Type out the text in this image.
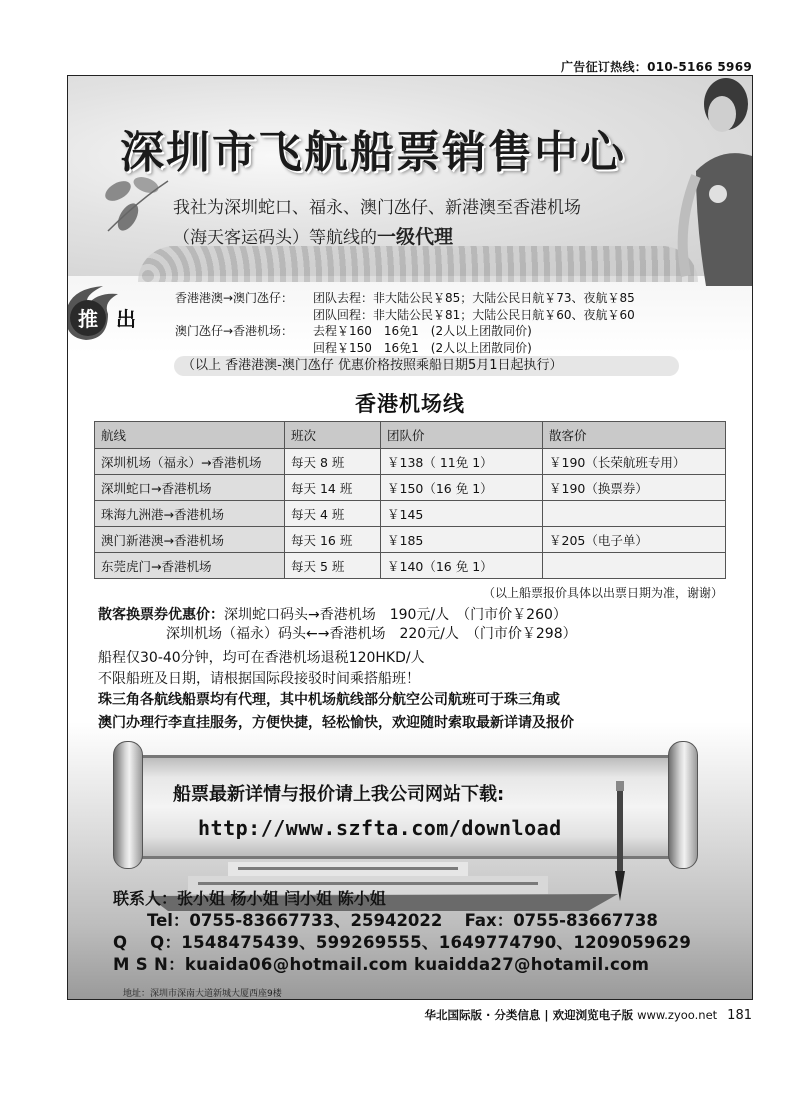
广告征订热线：010-5166 5969
深圳市飞航船票销售中心
我社为深圳蛇口、福永、澳门氹仔、新港澳至香港机场
（海天客运码头）等航线的一级代理
推 出
香港港澳→澳门氹仔：	团队去程：非大陆公民￥85；大陆公民日航￥73、夜航￥85
团队回程：非大陆公民￥81；大陆公民日航￥60、夜航￥60
澳门氹仔→香港机场：	去程￥160　16免1　(2人以上团散同价)
回程￥150　16免1　(2人以上团散同价)
（以上 香港港澳-澳门氹仔 优惠价格按照乘船日期5月1日起执行）
香港机场线
航线	班次	团队价	散客价
深圳机场（福永）→香港机场	每天 8 班	￥138（ 11免 1）	￥190（长荣航班专用）
深圳蛇口→香港机场	每天 14 班	￥150（16 免 1）	￥190（换票券）
珠海九洲港→香港机场	每天 4 班	￥145	
澳门新港澳→香港机场	每天 16 班	￥185	￥205（电子单）
东莞虎门→香港机场	每天 5 班	￥140（16 免 1）	
（以上船票报价具体以出票日期为准，谢谢）
散客换票券优惠价：深圳蛇口码头→香港机场　190元/人　（门市价￥260）
深圳机场（福永）码头←→香港机场　220元/人　（门市价￥298）
船程仅30-40分钟，均可在香港机场退税120HKD/人
不限船班及日期，请根据国际段接驳时间乘搭船班！
珠三角各航线船票均有代理，其中机场航线部分航空公司航班可于珠三角或
澳门办理行李直挂服务，方便快捷，轻松愉快，欢迎随时索取最新详请及报价
船票最新详情与报价请上我公司网站下载:
http://www.szfta.com/download
联系人：张小姐 杨小姐 闫小姐 陈小姐
Tel：0755-83667733、25942022　 Fax：0755-83667738
Q　 Q：1548475439、599269555、1649774790、1209059629
M S N：kuaida06@hotmail.com kuaidda27@hotamil.com
地址：深圳市深南大道新城大厦西座9楼
华北国际版 · 分类信息 | 欢迎浏览电子版 www.zyoo.net 181
